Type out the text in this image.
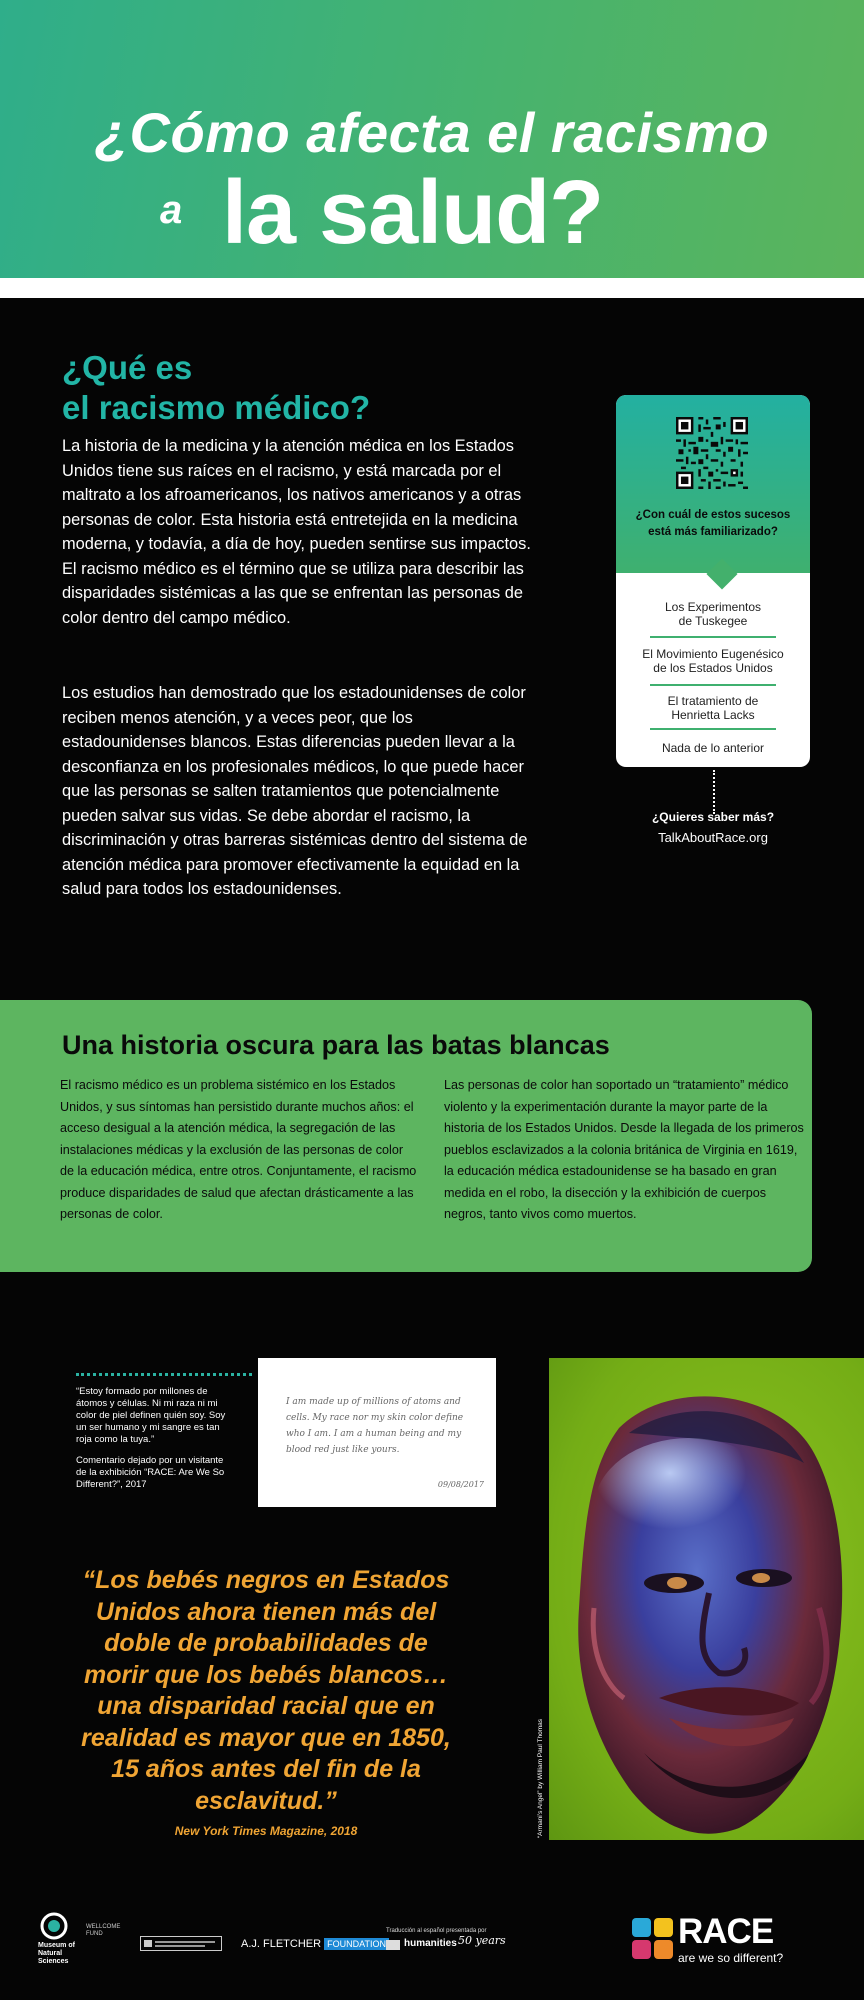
¿Cómo afecta el racismo
a la salud?
¿Qué es
el racismo médico?
La historia de la medicina y la atención médica en los Estados Unidos tiene sus raíces en el racismo, y está marcada por el maltrato a los afroamericanos, los nativos americanos y a otras personas de color. Esta historia está entretejida en la medicina moderna, y todavía, a día de hoy, pueden sentirse sus impactos. El racismo médico es el término que se utiliza para describir las disparidades sistémicas a las que se enfrentan las personas de color dentro del campo médico.
Los estudios han demostrado que los estadounidenses de color reciben menos atención, y a veces peor, que los estadounidenses blancos. Estas diferencias pueden llevar a la desconfianza en los profesionales médicos, lo que puede hacer que las personas se salten tratamientos que potencialmente pueden salvar sus vidas. Se debe abordar el racismo, la discriminación y otras barreras sistémicas dentro del sistema de atención médica para promover efectivamente la equidad en la salud para todos los estadounidenses.
¿Con cuál de estos sucesos está más familiarizado?
Los Experimentos
de Tuskegee
El Movimiento Eugenésico
de los Estados Unidos
El tratamiento de
Henrietta Lacks
Nada de lo anterior
¿Quieres saber más?
TalkAboutRace.org
Una historia oscura para las batas blancas
El racismo médico es un problema sistémico en los Estados Unidos, y sus síntomas han persistido durante muchos años: el acceso desigual a la atención médica, la segregación de las instalaciones médicas y la exclusión de las personas de color de la educación médica, entre otros. Conjuntamente, el racismo produce disparidades de salud que afectan drásticamente a las personas de color.
Las personas de color han soportado un “tratamiento” médico violento y la experimentación durante la mayor parte de la historia de los Estados Unidos. Desde la llegada de los primeros pueblos esclavizados a la colonia británica de Virginia en 1619, la educación médica estadounidense se ha basado en gran medida en el robo, la disección y la exhibición de cuerpos negros, tanto vivos como muertos.
“Estoy formado por millones de átomos y células. Ni mi raza ni mi color de piel definen quién soy. Soy un ser humano y mi sangre es tan roja como la tuya.”
Comentario dejado por un visitante de la exhibición “RACE: Are We So Different?”, 2017
I am made up of millions of atoms and cells. My race nor my skin color define who I am. I am a human being and my blood red just like yours.
09/08/2017
“Los bebés negros en Estados Unidos ahora tienen más del doble de probabilidades de morir que los bebés blancos… una disparidad racial que en realidad es mayor que en 1850, 15 años antes del fin de la esclavitud.”
New York Times Magazine, 2018	“Armani’s Angel” by William Paul Thomas
Museum of Natural Sciences
WELLCOME FUND
A.J. FLETCHER FOUNDATION
Traducción al español presentada por
humanities 50 years	RACE
are we so different?
